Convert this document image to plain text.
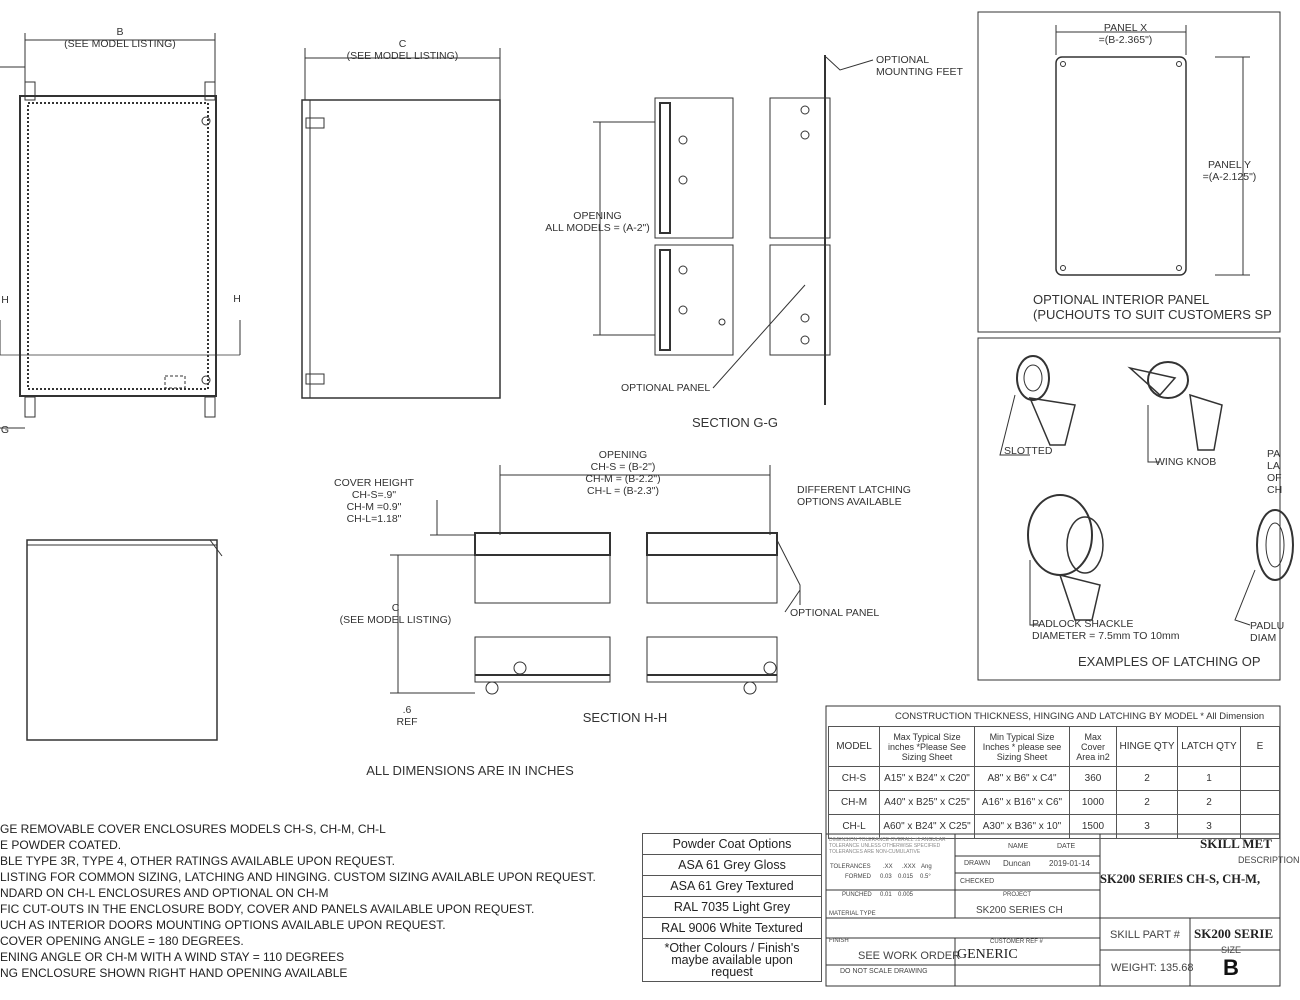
B
(SEE MODEL LISTING)	C
(SEE MODEL LISTING)
H	H
G
OPTIONAL
MOUNTING FEET
OPENING
ALL MODELS = (A-2")
OPTIONAL PANEL
SECTION G-G
COVER HEIGHT
CH-S=.9"
CH-M =0.9"
CH-L=1.18"
OPENING
CH-S = (B-2")
CH-M = (B-2.2")
CH-L = (B-2.3")	DIFFERENT LATCHING
OPTIONS AVAILABLE
C
(SEE MODEL LISTING)
OPTIONAL PANEL
.6
REF	SECTION H-H
ALL DIMENSIONS ARE IN INCHES
PANEL X
=(B-2.365")
PANEL Y
=(A-2.125")
OPTIONAL INTERIOR PANEL
(PUCHOUTS TO SUIT CUSTOMERS SP
SLOTTED
WING KNOB
PA
LA
OF
CH
PADLOCK SHACKLE
DIAMETER = 7.5mm TO 10mm
PADLU
DIAM
EXAMPLES OF LATCHING OP
GE REMOVABLE COVER ENCLOSURES MODELS CH-S, CH-M, CH-L
E POWDER COATED.
BLE TYPE 3R, TYPE 4, OTHER RATINGS AVAILABLE UPON REQUEST.
LISTING FOR COMMON SIZING, LATCHING AND HINGING. CUSTOM SIZING AVAILABLE UPON REQUEST.
NDARD ON CH-L ENCLOSURES AND OPTIONAL ON CH-M
FIC CUT-OUTS IN THE ENCLOSURE BODY, COVER AND PANELS AVAILABLE UPON REQUEST.
UCH AS INTERIOR DOORS MOUNTING OPTIONS AVAILABLE UPON REQUEST.
COVER OPENING ANGLE = 180 DEGREES.
ENING ANGLE OR CH-M WITH A WIND STAY = 110 DEGREES
NG ENCLOSURE SHOWN RIGHT HAND OPENING AVAILABLE
CONSTRUCTION THICKNESS, HINGING AND LATCHING BY MODEL * All Dimension
MODEL	Max Typical Size inches *Please See Sizing Sheet	Min Typical Size Inches * please see Sizing Sheet	Max Cover Area in2	HINGE QTY	LATCH QTY	E
CH-S	A15" x B24" x C20"	A8" x B6" x C4"	360	2	1	
CH-M	A40" x B25" x C25"	A16" x B16" x C6"	1000	2	2	
CH-L	A60" x B24" X C25"	A30" x B36" x 10"	1500	3	3	
Powder Coat Options
ASA 61 Grey Gloss
ASA 61 Grey Textured
RAL 7035 Light Grey
RAL 9006 White Textured
*Other Colours / Finish's
maybe available upon
request
DIMENSION TOLERANCE OVERALL ±1 ANGULAR
TOLERANCE UNLESS OTHERWISE SPECIFIED
TOLERANCES ARE NON-CUMULATIVE
TOLERANCES .XX .XXX Ang
FORMED 0.03 0.015 0.5°
PUNCHED 0.01 0.005
MATERIAL TYPE
FINISH
SEE WORK ORDER
DO NOT SCALE DRAWING
NAME	DATE
DRAWN Duncan 2019-01-14
CHECKED
PROJECT
SK200 SERIES CH
CUSTOMER REF #
GENERIC
SKILL MET
DESCRIPTION
SK200 SERIES CH-S, CH-M,
SKILL PART # SK200 SERIE
SIZE
B
WEIGHT: 135.68
